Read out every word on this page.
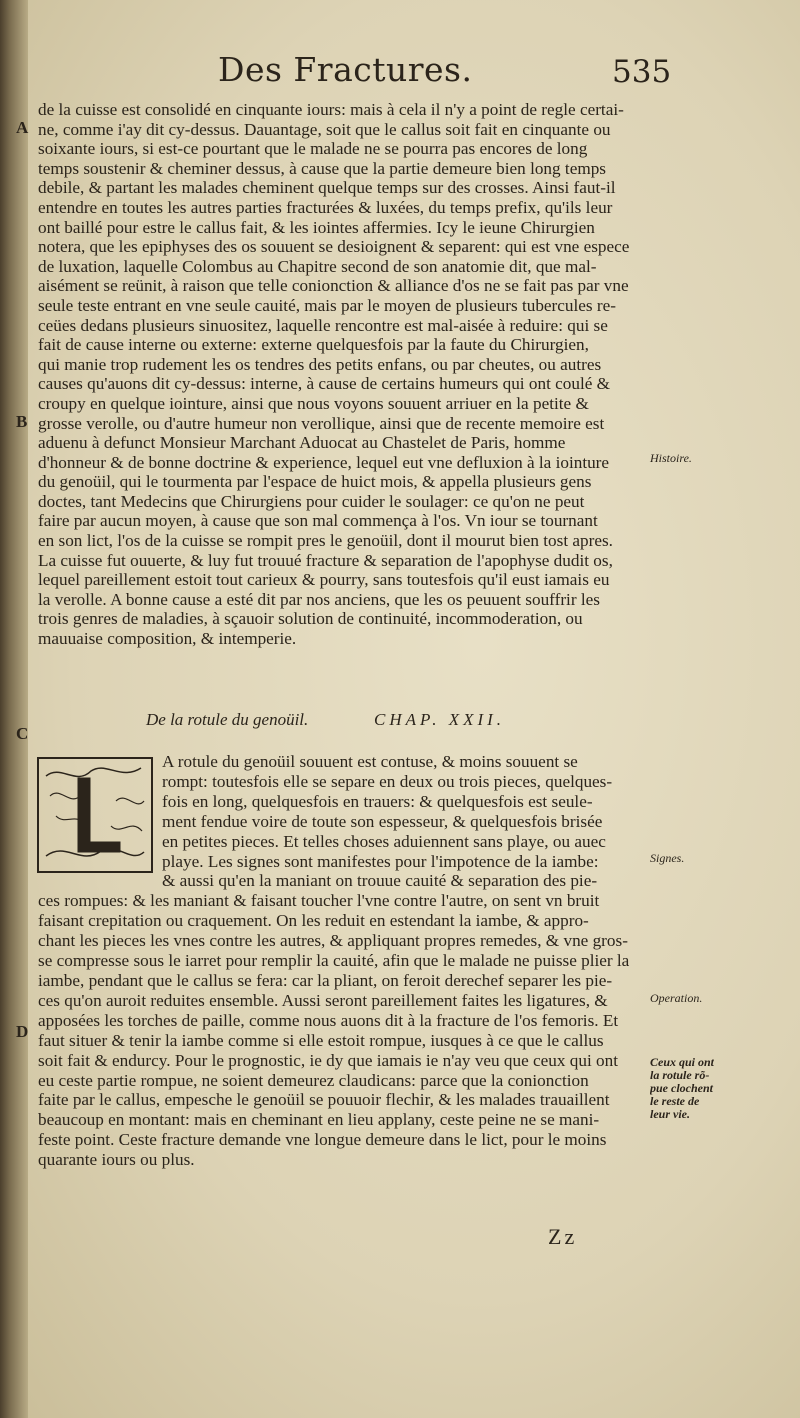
Des Fractures.	535
A
B
C
D
de la cuisse est consolidé en cinquante iours: mais à cela il n'y a point de regle certai-
ne, comme i'ay dit cy-dessus. Dauantage, soit que le callus soit fait en cinquante ou
soixante iours, si est-ce pourtant que le malade ne se pourra pas encores de long
temps soustenir & cheminer dessus, à cause que la partie demeure bien long temps
debile, & partant les malades cheminent quelque temps sur des crosses. Ainsi faut-il
entendre en toutes les autres parties fracturées & luxées, du temps prefix, qu'ils leur
ont baillé pour estre le callus fait, & les iointes affermies. Icy le ieune Chirurgien
notera, que les epiphyses des os souuent se desioignent & separent: qui est vne espece
de luxation, laquelle Colombus au Chapitre second de son anatomie dit, que mal-
aisément se reünit, à raison que telle conionction & alliance d'os ne se fait pas par vne
seule teste entrant en vne seule cauité, mais par le moyen de plusieurs tubercules re-
ceües dedans plusieurs sinuositez, laquelle rencontre est mal-aisée à reduire: qui se
fait de cause interne ou externe: externe quelquesfois par la faute du Chirurgien,
qui manie trop rudement les os tendres des petits enfans, ou par cheutes, ou autres
causes qu'auons dit cy-dessus: interne, à cause de certains humeurs qui ont coulé &
croupy en quelque iointure, ainsi que nous voyons souuent arriuer en la petite &
grosse verolle, ou d'autre humeur non verollique, ainsi que de recente memoire est
aduenu à defunct Monsieur Marchant Aduocat au Chastelet de Paris, homme
d'honneur & de bonne doctrine & experience, lequel eut vne defluxion à la iointure
du genoüil, qui le tourmenta par l'espace de huict mois, & appella plusieurs gens
doctes, tant Medecins que Chirurgiens pour cuider le soulager: ce qu'on ne peut
faire par aucun moyen, à cause que son mal commença à l'os. Vn iour se tournant
en son lict, l'os de la cuisse se rompit pres le genoüil, dont il mourut bien tost apres.
La cuisse fut ouuerte, & luy fut trouué fracture & separation de l'apophyse dudit os,
lequel pareillement estoit tout carieux & pourry, sans toutesfois qu'il eust iamais eu
la verolle. A bonne cause a esté dit par nos anciens, que les os peuuent souffrir les
trois genres de maladies, à sçauoir solution de continuité, incommoderation, ou
mauuaise composition, & intemperie.
De la rotule du genoüil.	CHAP. XXII.
A rotule du genoüil souuent est contuse, & moins souuent se
rompt: toutesfois elle se separe en deux ou trois pieces, quelques-
fois en long, quelquesfois en trauers: & quelquesfois est seule-
ment fendue voire de toute son espesseur, & quelquesfois brisée
en petites pieces. Et telles choses aduiennent sans playe, ou auec
playe. Les signes sont manifestes pour l'impotence de la iambe:
& aussi qu'en la maniant on trouue cauité & separation des pie-
ces rompues: & les maniant & faisant toucher l'vne contre l'autre, on sent vn bruit
faisant crepitation ou craquement. On les reduit en estendant la iambe, & appro-
chant les pieces les vnes contre les autres, & appliquant propres remedes, & vne gros-
se compresse sous le iarret pour remplir la cauité, afin que le malade ne puisse plier la
iambe, pendant que le callus se fera: car la pliant, on feroit derechef separer les pie-
ces qu'on auroit reduites ensemble. Aussi seront pareillement faites les ligatures, &
apposées les torches de paille, comme nous auons dit à la fracture de l'os femoris. Et
faut situer & tenir la iambe comme si elle estoit rompue, iusques à ce que le callus
soit fait & endurcy. Pour le prognostic, ie dy que iamais ie n'ay veu que ceux qui ont
eu ceste partie rompue, ne soient demeurez claudicans: parce que la conionction
faite par le callus, empesche le genoüil se pouuoir flechir, & les malades trauaillent
beaucoup en montant: mais en cheminant en lieu applany, ceste peine ne se mani-
feste point. Ceste fracture demande vne longue demeure dans le lict, pour le moins
quarante iours ou plus.
Histoire.
Signes.
Operation.
Ceux qui ont
la rotule rõ-
pue clochent
le reste de
leur vie.
Zz
